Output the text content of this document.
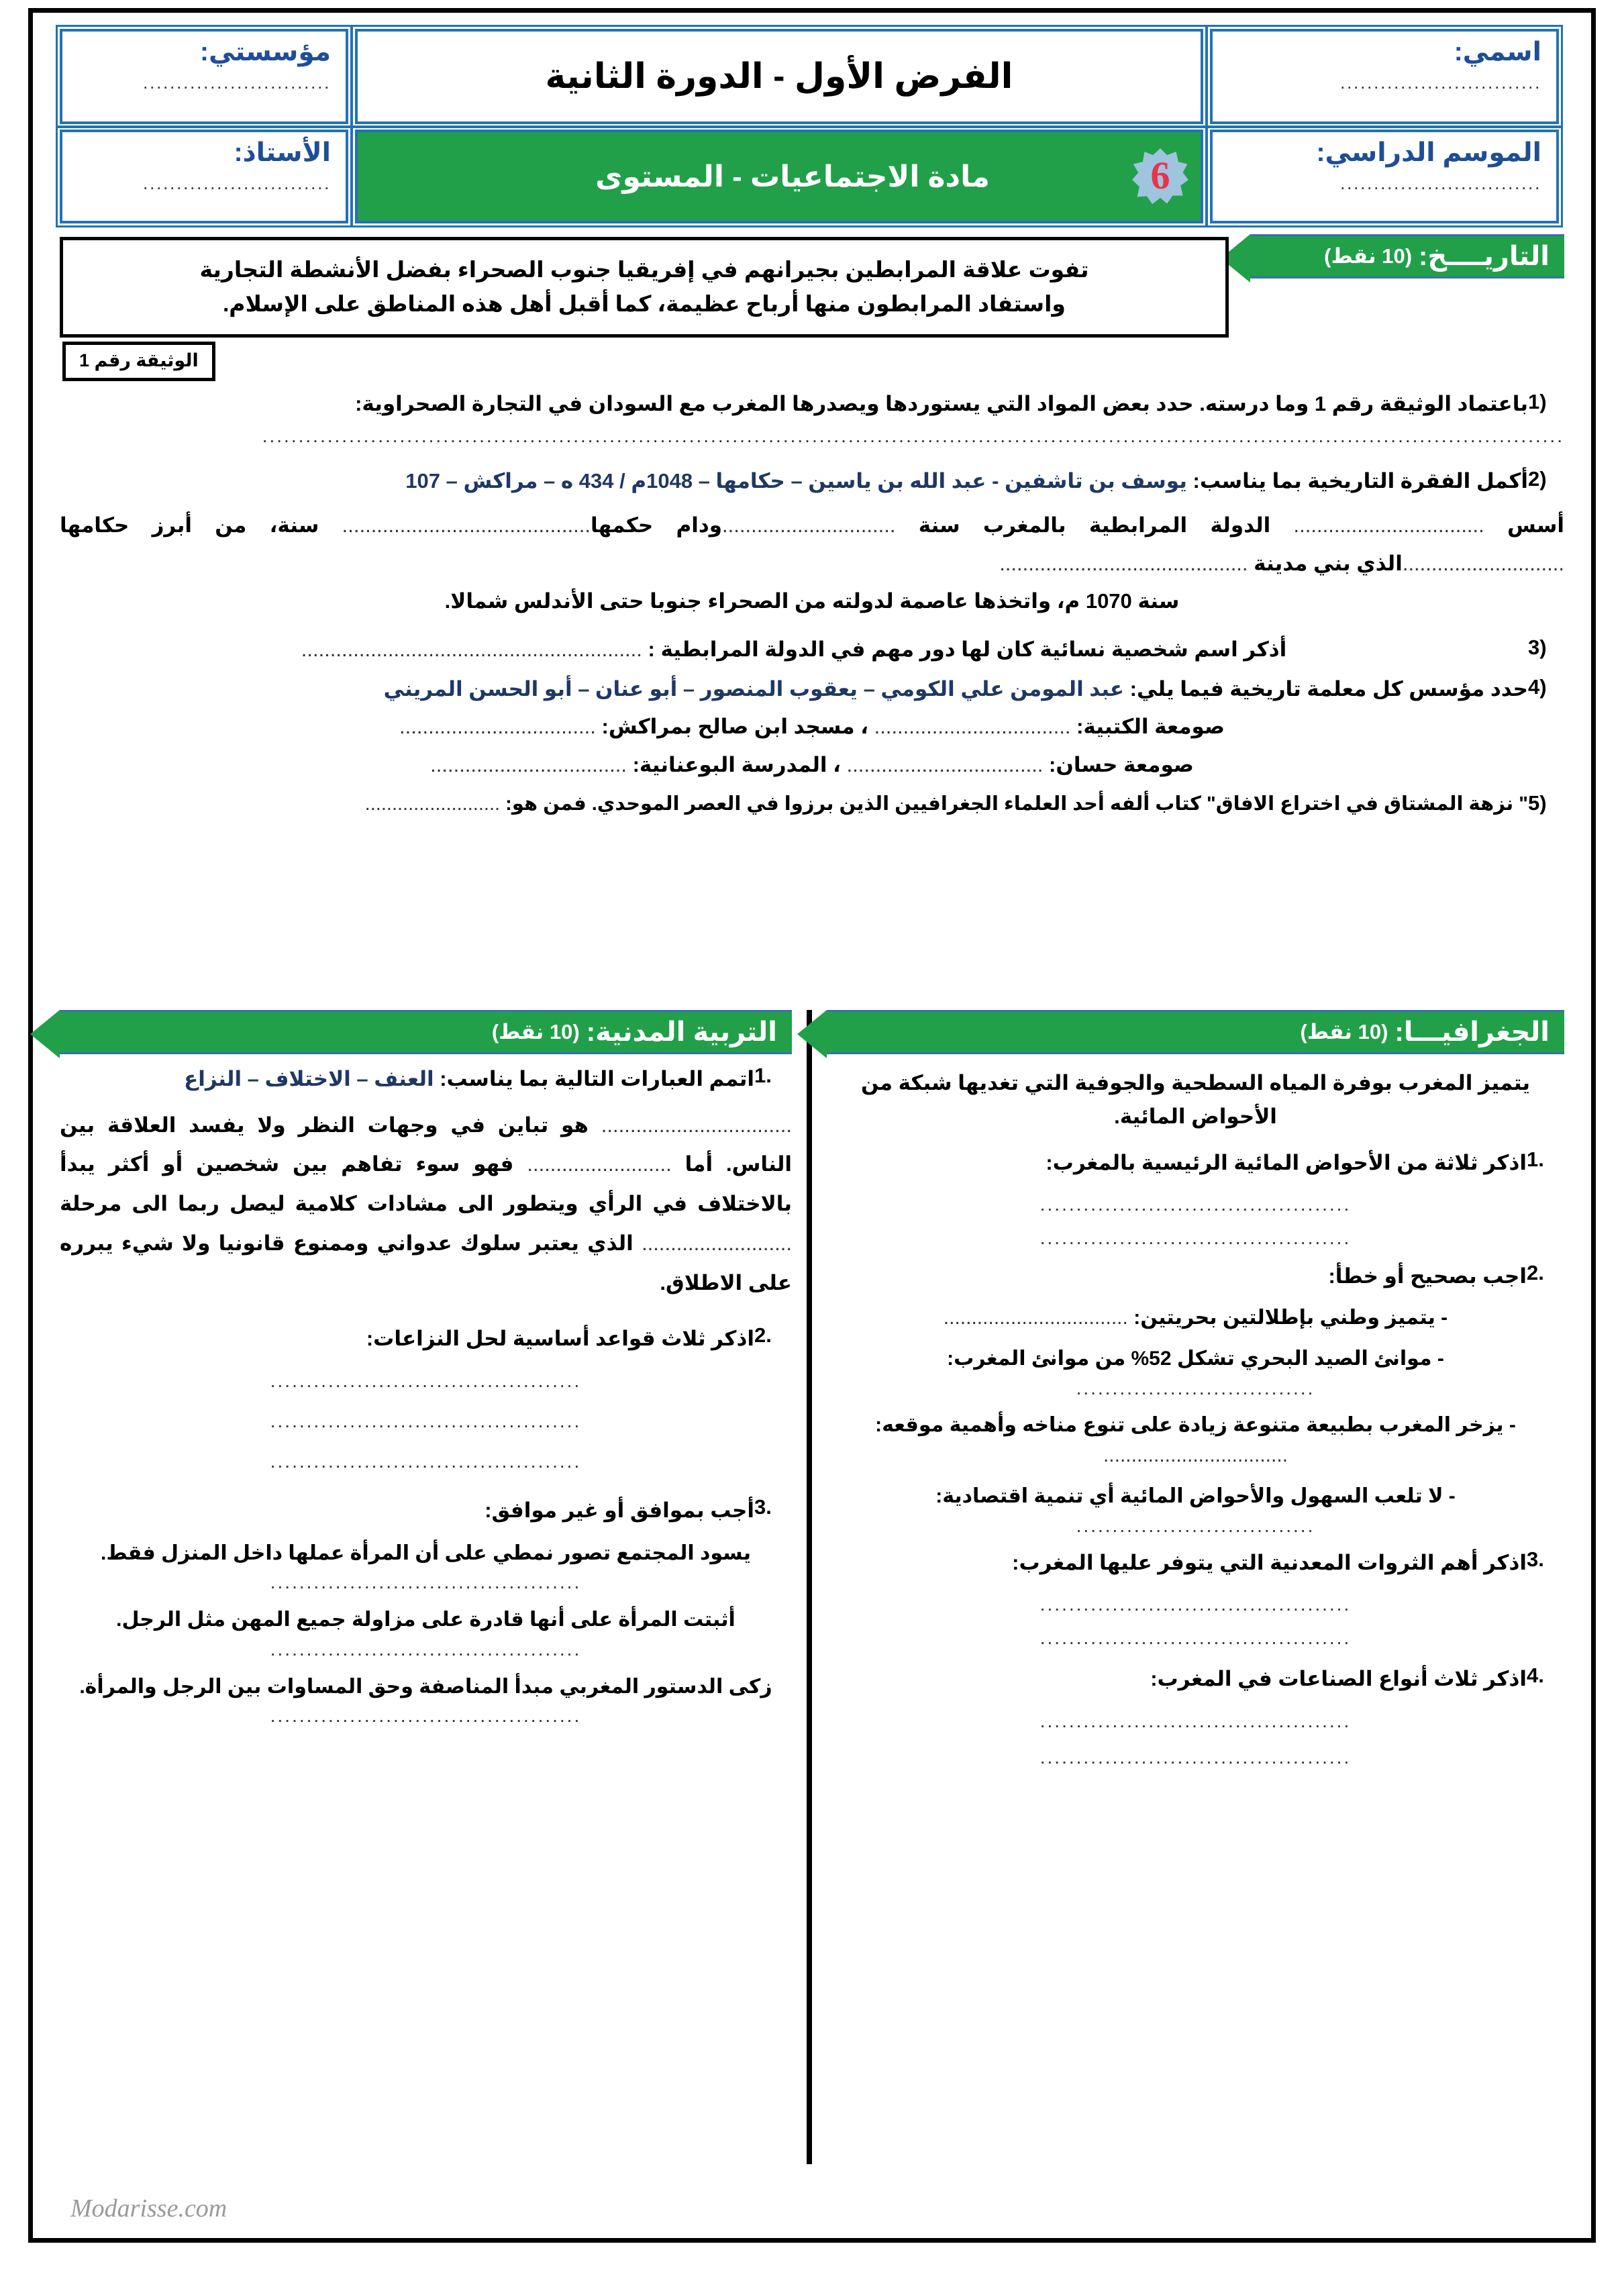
مؤسستي:
............................	الفرض الأول - الدورة الثانية
اسمي:
..............................
الأستاذ:
............................	مادة الاجتماعيات - المستوى	6
الموسم الدراسي:
..............................
التاريــــخ:
(10 نقط)
تفوت علاقة المرابطين بجيرانهم في إفريقيا جنوب الصحراء بفضل الأنشطة التجارية
واستفاد المرابطون منها أرباح عظيمة، كما أقبل أهل هذه المناطق على الإسلام.
الوثيقة رقم 1
1)
باعتماد الوثيقة رقم 1 وما درسته. حدد بعض المواد التي يستوردها ويصدرها المغرب مع السودان في التجارة الصحراوية:
....................................................................................................................................................................................
2)
أكمل الفقرة التاريخية بما يناسب: يوسف بن تاشفين - عبد الله بن ياسين – حكامها – 1048م / 434 ه – مراكش – 107
أسس ................................. الدولة المرابطية بالمغرب سنة ..............................ودام حكمها........................................... سنة، من أبرز حكامها ............................الذي بني مدينة ...........................................
سنة 1070 م، واتخذها عاصمة لدولته من الصحراء جنوبا حتى الأندلس شمالا.
3)
أذكر اسم شخصية نسائية كان لها دور مهم في الدولة المرابطية : ...........................................................
4)
حدد مؤسس كل معلمة تاريخية فيما يلي: عبد المومن علي الكومي – يعقوب المنصور – أبو عنان – أبو الحسن المريني
صومعة الكتبية: .................................. ، مسجد ابن صالح بمراكش: ..................................
صومعة حسان: .................................. ، المدرسة البوعنانية: ..................................
5)
" نزهة المشتاق في اختراع الافاق" كتاب ألفه أحد العلماء الجغرافيين الذين برزوا في العصر الموحدي. فمن هو: .........................
التربية المدنية:
(10 نقط)
1.
اتمم العبارات التالية بما يناسب: العنف – الاختلاف – النزاع
................................. هو تباين في وجهات النظر ولا يفسد العلاقة بين الناس. أما ......................... فهو سوء تفاهم بين شخصين أو أكثر يبدأ بالاختلاف في الرأي ويتطور الى مشادات كلامية ليصل ربما الى مرحلة .......................... الذي يعتبر سلوك عدواني وممنوع قانونيا ولا شيء يبرره على الاطلاق.
2.
اذكر ثلاث قواعد أساسية لحل النزاعات:
...........................................
...........................................
...........................................
3.
أجب بموافق أو غير موافق:
يسود المجتمع تصور نمطي على أن المرأة عملها داخل المنزل فقط.
...........................................
أثبتت المرأة على أنها قادرة على مزاولة جميع المهن مثل الرجل.
...........................................
زكى الدستور المغربي مبدأ المناصفة وحق المساوات بين الرجل والمرأة.
...........................................
الجغرافيـــا:
(10 نقط)
يتميز المغرب بوفرة المياه السطحية والجوفية التي تغديها شبكة من الأحواض المائية.
1.
اذكر ثلاثة من الأحواض المائية الرئيسية بالمغرب:
...........................................
...........................................
2.
اجب بصحيح أو خطأ:
- يتميز وطني بإطلالتين بحريتين: .................................
- موانئ الصيد البحري تشكل 52% من موانئ المغرب:
.................................
- يزخر المغرب بطبيعة متنوعة زيادة على تنوع مناخه وأهمية موقعه: .................................
- لا تلعب السهول والأحواض المائية أي تنمية اقتصادية:
.................................
3.
اذكر أهم الثروات المعدنية التي يتوفر عليها المغرب:
...........................................
...........................................
4.
اذكر ثلاث أنواع الصناعات في المغرب:
...........................................
...........................................
Modarisse.com
